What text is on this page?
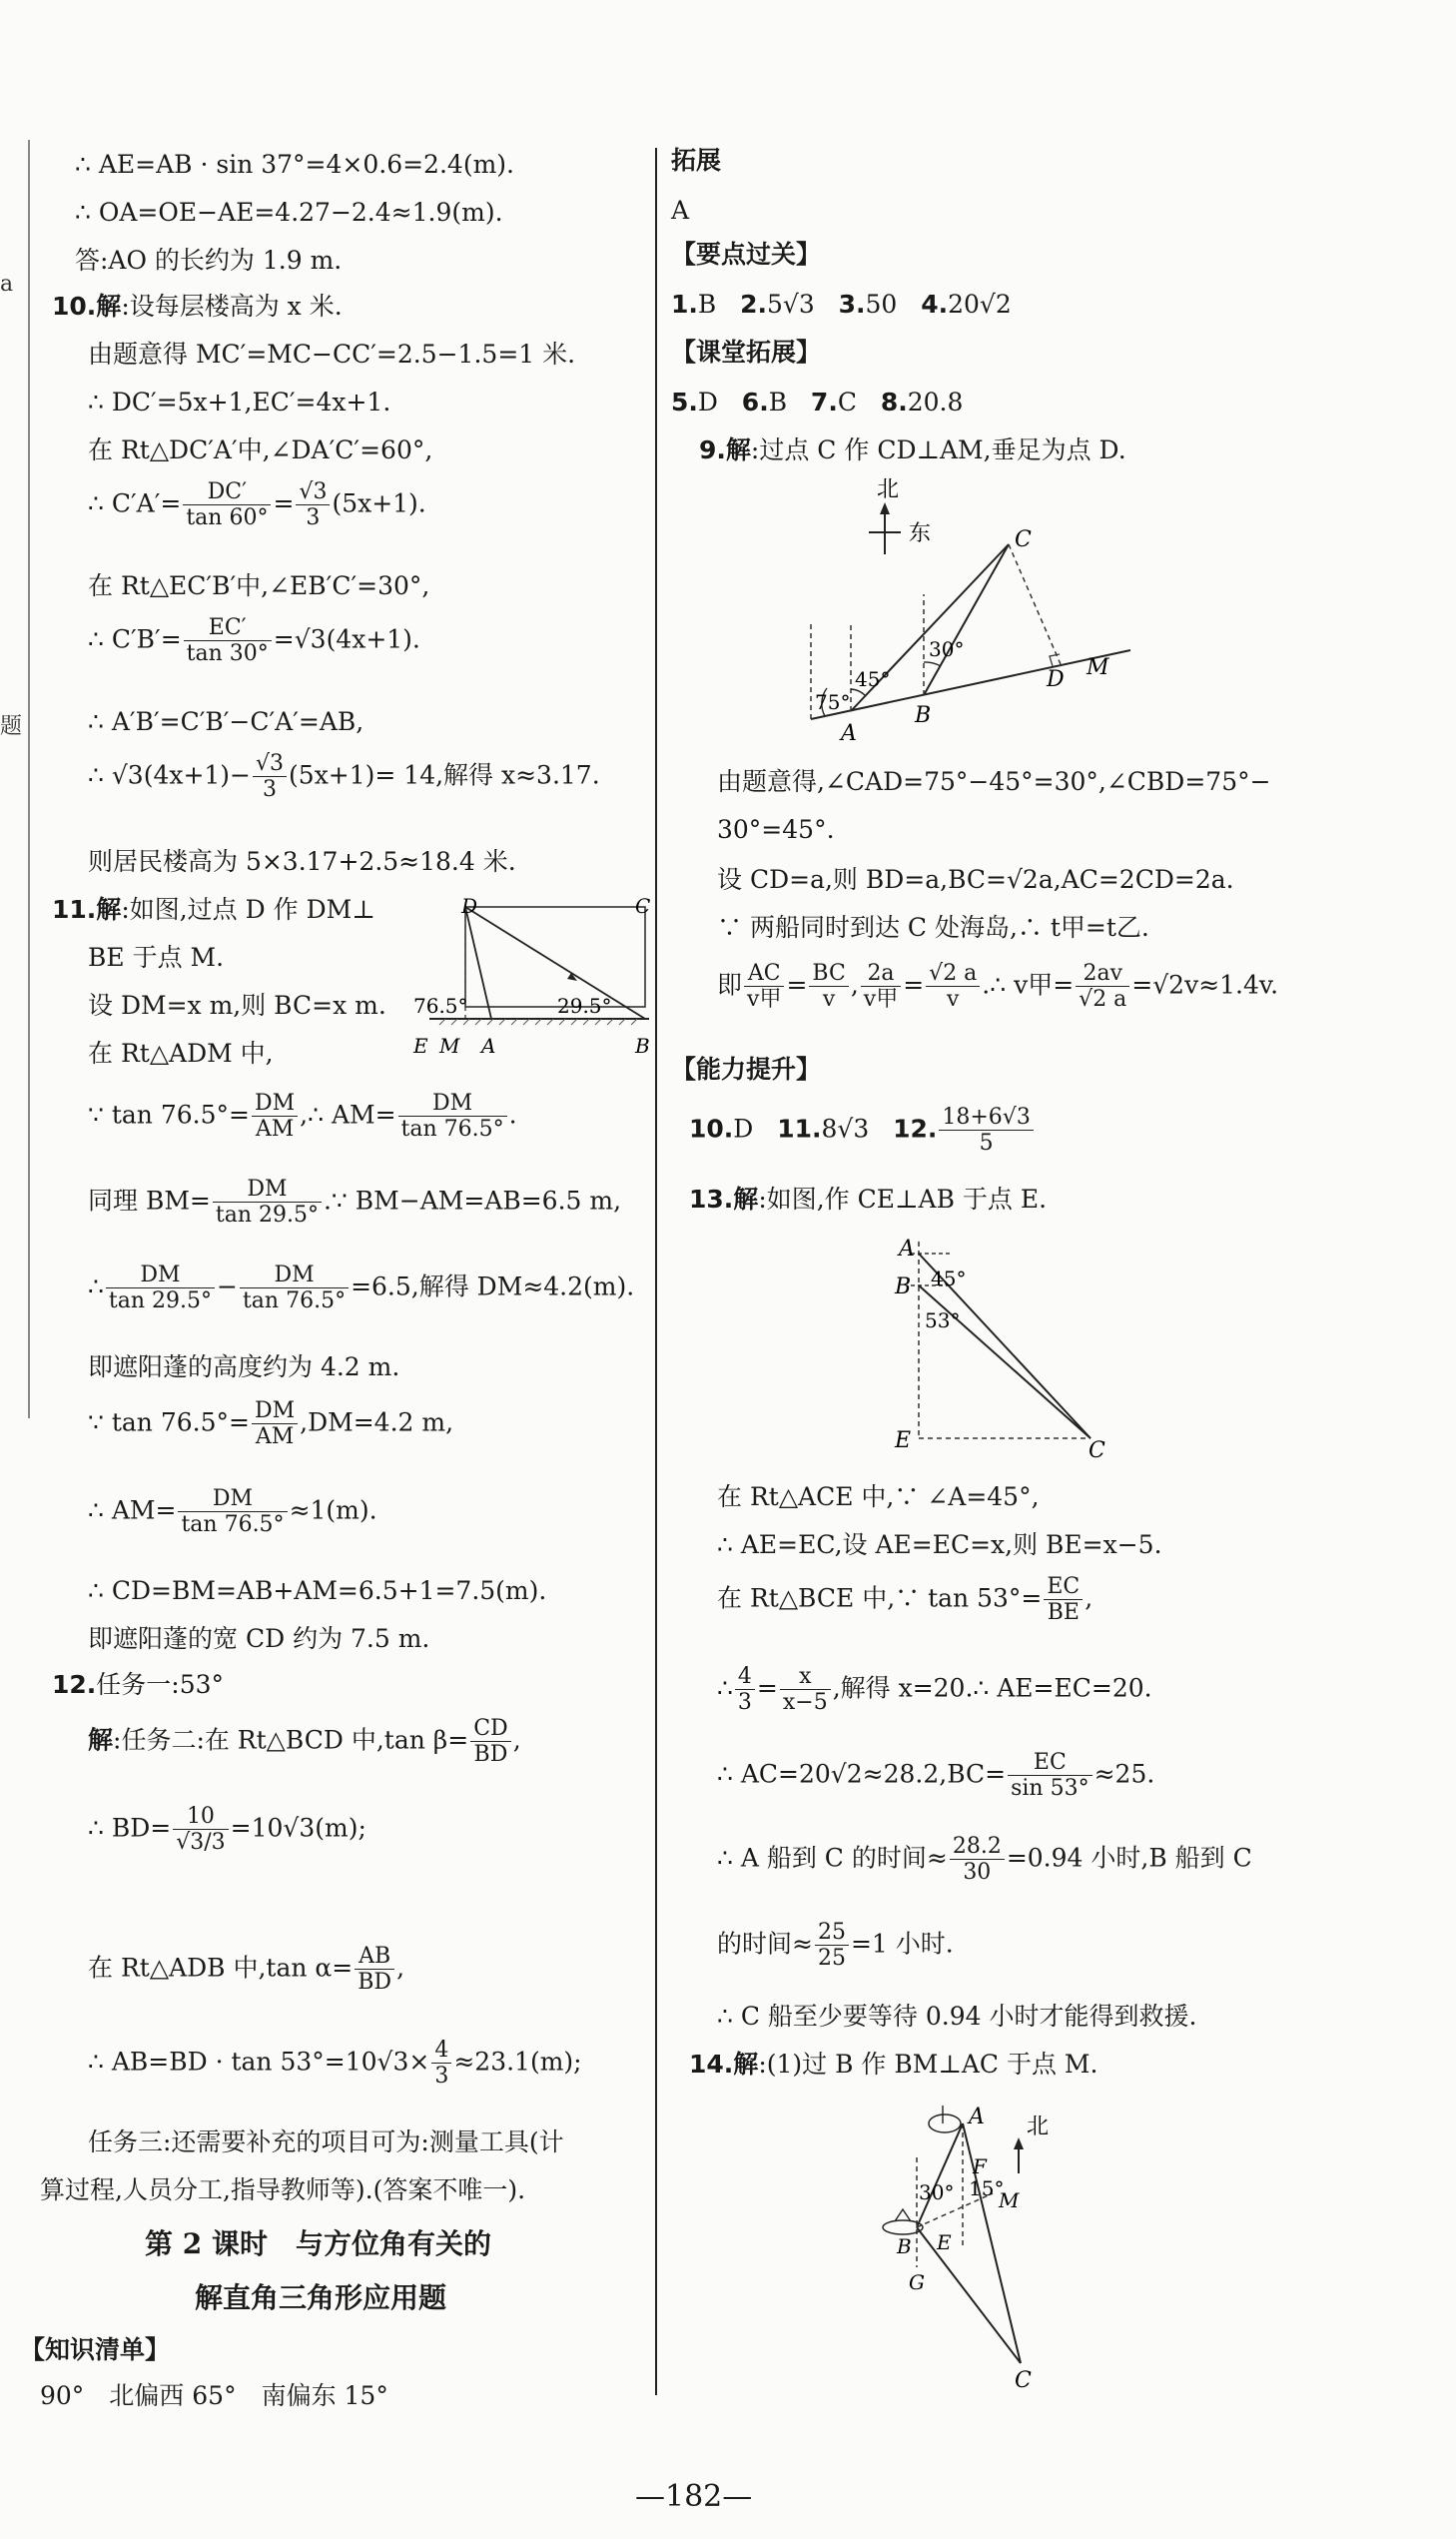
a
题
∴ AE=AB · sin 37°=4×0.6=2.4(m).
∴ OA=OE−AE=4.27−2.4≈1.9(m).
答:AO 的长约为 1.9 m.
10.解:设每层楼高为 x 米.
由题意得 MC′=MC−CC′=2.5−1.5=1 米.
∴ DC′=5x+1,EC′=4x+1.
在 Rt△DC′A′中,∠DA′C′=60°,
∴ $C'A'= \frac{DC'}{\tan 60^\circ} = \frac{√3}{3} (5x+1)$.
在 Rt△EC′B′中,∠EB′C′=30°,
∴ $C'B'= \frac{EC'}{\tan 30^\circ} =√3(4x+1)$.
∴ A′B′=C′B′−C′A′=AB,
∴ $√3(4x+1)- \frac{√3}{3} (5x+1)= 14$,解得 x≈3.17.
则居民楼高为 5×3.17+2.5≈18.4 米.
11.解:如图,过点 D 作 DM⊥
BE 于点 M.
设 DM=x m,则 BC=x m.
在 Rt△ADM 中,
D	C
76.5°	29.5°
E M A	B
∵ $\tan 76.5^\circ= \frac{DM}{AM}$ ,∴ $AM= \frac{DM}{\tan 76.5^\circ}$ .
同理 $BM= \frac{DM}{\tan 29.5^\circ}$ .∵ BM−AM=AB=6.5 m,
∴ $\frac{DM}{\tan 29.5^\circ} - \frac{DM}{\tan 76.5^\circ} =6.5$,解得 DM≈4.2(m).
即遮阳蓬的高度约为 4.2 m.
∵ $\tan 76.5^\circ= \frac{DM}{AM} ,DM=4.2$ m,
∴ $AM= \frac{DM}{\tan 76.5^\circ} \approx 1(m)$.
∴ CD=BM=AB+AM=6.5+1=7.5(m).
即遮阳蓬的宽 CD 约为 7.5 m.
12.任务一:53°
解:任务二:在 Rt△BCD 中,tan $\beta= \frac{CD}{BD}$ ,
∴ $BD= \frac{10}{√3/3} =10√3(m)$;
在 Rt△ADB 中,tan $\alpha= \frac{AB}{BD}$ ,
∴ $AB=BD \cdot \tan 53^\circ=10√3\times \frac{4}{3} \approx 23.1(m)$;
任务三:还需要补充的项目可为:测量工具(计
算过程,人员分工,指导教师等).(答案不唯一).
第 2 课时　与方位角有关的
解直角三角形应用题
【知识清单】
90°　北偏西 65°　南偏东 15°
拓展
A
【要点过关】
1.B 2.5√3 3.50 4.20√2
【课堂拓展】
5.D 6.B 7.C 8.20.8
9.解:过点 C 作 CD⊥AM,垂足为点 D.
北
东
75°
45°
30°
C
D M
A
B
由题意得,∠CAD=75°−45°=30°,∠CBD=75°−
30°=45°.
设 CD=a,则 BD=a,BC=√2a,AC=2CD=2a.
∵ 两船同时到达 C 处海岛,∴ t甲=t乙.
即 $\frac{AC}{\text{v甲}} = \frac{BC}{v}$ , $\frac{2a}{\text{v甲}} = \frac{√2 a}{v}$ .∴ v甲= $\frac{2av}{√2 a} =√2v\approx 1.4v$.
【能力提升】
10.D 11.8√3 12. $\frac{18+6√3}{5}$
13.解:如图,作 CE⊥AB 于点 E.
A
B 45°
53°
E	C
在 Rt△ACE 中,∵ ∠A=45°,
∴ AE=EC,设 AE=EC=x,则 BE=x−5.
在 Rt△BCE 中,∵ $\tan 53^\circ= \frac{EC}{BE}$ ,
∴ $\frac{4}{3} = \frac{x}{x-5}$ ,解得 x=20.∴ AE=EC=20.
∴ $AC=20√2\approx 28.2,BC= \frac{EC}{\sin 53^\circ} \approx 25$.
∴ A 船到 C 的时间≈ $\frac{28.2}{30} =0.94$ 小时,B 船到 C
的时间≈ $\frac{25}{25} =1$ 小时.
∴ C 船至少要等待 0.94 小时才能得到救援.
14.解:(1)过 B 作 BM⊥AC 于点 M.
A 北
30° 15°
F
M
B E
G
C
—182—
